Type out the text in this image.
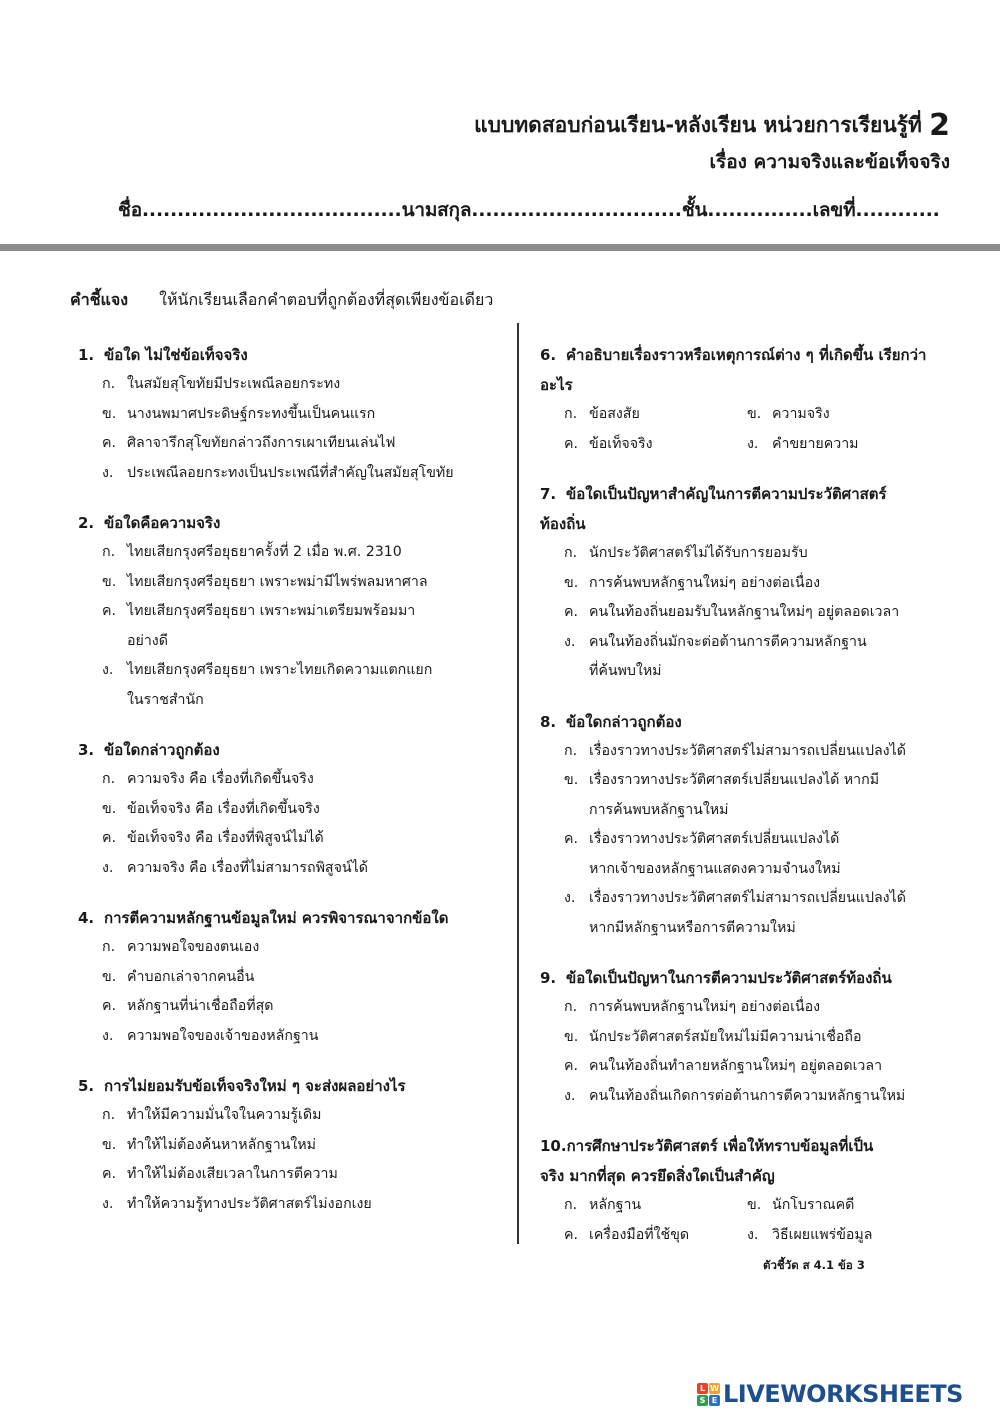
แบบทดสอบก่อนเรียน-หลังเรียน หน่วยการเรียนรู้ที่ 2
เรื่อง ความจริงและข้อเท็จจริง
ชื่อ.....................................นามสกุล..............................ชั้น...............เลขที่............
คำชี้แจง ให้นักเรียนเลือกคำตอบที่ถูกต้องที่สุดเพียงข้อเดียว
1. ข้อใด ไม่ใช่ข้อเท็จจริง
ก. ในสมัยสุโขทัยมีประเพณีลอยกระทง
ข. นางนพมาศประดิษฐ์กระทงขึ้นเป็นคนแรก
ค. ศิลาจารึกสุโขทัยกล่าวถึงการเผาเทียนเล่นไฟ
ง. ประเพณีลอยกระทงเป็นประเพณีที่สำคัญในสมัยสุโขทัย
2. ข้อใดคือความจริง
ก. ไทยเสียกรุงศรีอยุธยาครั้งที่ 2 เมื่อ พ.ศ. 2310
ข. ไทยเสียกรุงศรีอยุธยา เพราะพม่ามีไพร่พลมหาศาล
ค. ไทยเสียกรุงศรีอยุธยา เพราะพม่าเตรียมพร้อมมา
อย่างดี
ง. ไทยเสียกรุงศรีอยุธยา เพราะไทยเกิดความแตกแยก
ในราชสำนัก
3. ข้อใดกล่าวถูกต้อง
ก. ความจริง คือ เรื่องที่เกิดขึ้นจริง
ข. ข้อเท็จจริง คือ เรื่องที่เกิดขึ้นจริง
ค. ข้อเท็จจริง คือ เรื่องที่พิสูจน์ไม่ได้
ง. ความจริง คือ เรื่องที่ไม่สามารถพิสูจน์ได้
4. การตีความหลักฐานข้อมูลใหม่ ควรพิจารณาจากข้อใด
ก. ความพอใจของตนเอง
ข. คำบอกเล่าจากคนอื่น
ค. หลักฐานที่น่าเชื่อถือที่สุด
ง. ความพอใจของเจ้าของหลักฐาน
5. การไม่ยอมรับข้อเท็จจริงใหม่ ๆ จะส่งผลอย่างไร
ก. ทำให้มีความมั่นใจในความรู้เดิม
ข. ทำให้ไม่ต้องค้นหาหลักฐานใหม่
ค. ทำให้ไม่ต้องเสียเวลาในการตีความ
ง. ทำให้ความรู้ทางประวัติศาสตร์ไม่งอกเงย
6. คำอธิบายเรื่องราวหรือเหตุการณ์ต่าง ๆ ที่เกิดขึ้น เรียกว่า
อะไร
ก. ข้อสงสัย	ข. ความจริง
ค. ข้อเท็จจริง	ง. คำขยายความ
7. ข้อใดเป็นปัญหาสำคัญในการตีความประวัติศาสตร์
ท้องถิ่น
ก. นักประวัติศาสตร์ไม่ได้รับการยอมรับ
ข. การค้นพบหลักฐานใหม่ๆ อย่างต่อเนื่อง
ค. คนในท้องถิ่นยอมรับในหลักฐานใหม่ๆ อยู่ตลอดเวลา
ง. คนในท้องถิ่นมักจะต่อต้านการตีความหลักฐาน
ที่ค้นพบใหม่
8. ข้อใดกล่าวถูกต้อง
ก. เรื่องราวทางประวัติศาสตร์ไม่สามารถเปลี่ยนแปลงได้
ข. เรื่องราวทางประวัติศาสตร์เปลี่ยนแปลงได้ หากมี
การค้นพบหลักฐานใหม่
ค. เรื่องราวทางประวัติศาสตร์เปลี่ยนแปลงได้
หากเจ้าของหลักฐานแสดงความจำนงใหม่
ง. เรื่องราวทางประวัติศาสตร์ไม่สามารถเปลี่ยนแปลงได้
หากมีหลักฐานหรือการตีความใหม่
9. ข้อใดเป็นปัญหาในการตีความประวัติศาสตร์ท้องถิ่น
ก. การค้นพบหลักฐานใหม่ๆ อย่างต่อเนื่อง
ข. นักประวัติศาสตร์สมัยใหม่ไม่มีความน่าเชื่อถือ
ค. คนในท้องถิ่นทำลายหลักฐานใหม่ๆ อยู่ตลอดเวลา
ง. คนในท้องถิ่นเกิดการต่อต้านการตีความหลักฐานใหม่
10.การศึกษาประวัติศาสตร์ เพื่อให้ทราบข้อมูลที่เป็น
จริง มากที่สุด ควรยึดสิ่งใดเป็นสำคัญ
ก. หลักฐาน	ข. นักโบราณคดี
ค. เครื่องมือที่ใช้ขุด	ง. วิธีเผยแพร่ข้อมูล
ตัวชี้วัด ส 4.1 ข้อ 3
L W
S E LIVEWORKSHEETS
